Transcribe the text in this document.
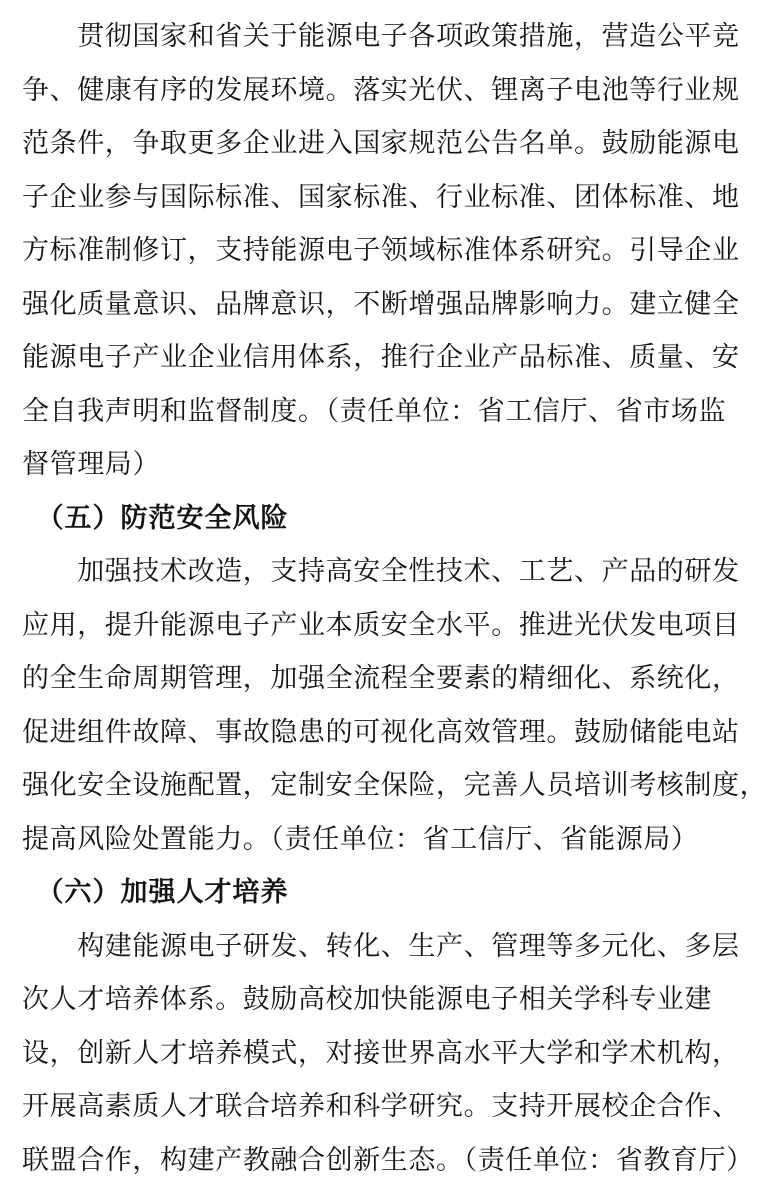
　　贯彻国家和省关于能源电子各项政策措施，营造公平竞
争、健康有序的发展环境。落实光伏、锂离子电池等行业规
范条件，争取更多企业进入国家规范公告名单。鼓励能源电
子企业参与国际标准、国家标准、行业标准、团体标准、地
方标准制修订，支持能源电子领域标准体系研究。引导企业
强化质量意识、品牌意识，不断增强品牌影响力。建立健全
能源电子产业企业信用体系，推行企业产品标准、质量、安
全自我声明和监督制度。（责任单位：省工信厅、省市场监
督管理局）
　（五）防范安全风险
　　加强技术改造，支持高安全性技术、工艺、产品的研发
应用，提升能源电子产业本质安全水平。推进光伏发电项目
的全生命周期管理，加强全流程全要素的精细化、系统化，
促进组件故障、事故隐患的可视化高效管理。鼓励储能电站
强化安全设施配置，定制安全保险，完善人员培训考核制度，
提高风险处置能力。（责任单位：省工信厅、省能源局）
　（六）加强人才培养
　　构建能源电子研发、转化、生产、管理等多元化、多层
次人才培养体系。鼓励高校加快能源电子相关学科专业建
设，创新人才培养模式，对接世界高水平大学和学术机构，
开展高素质人才联合培养和科学研究。支持开展校企合作、
联盟合作，构建产教融合创新生态。（责任单位：省教育厅）
